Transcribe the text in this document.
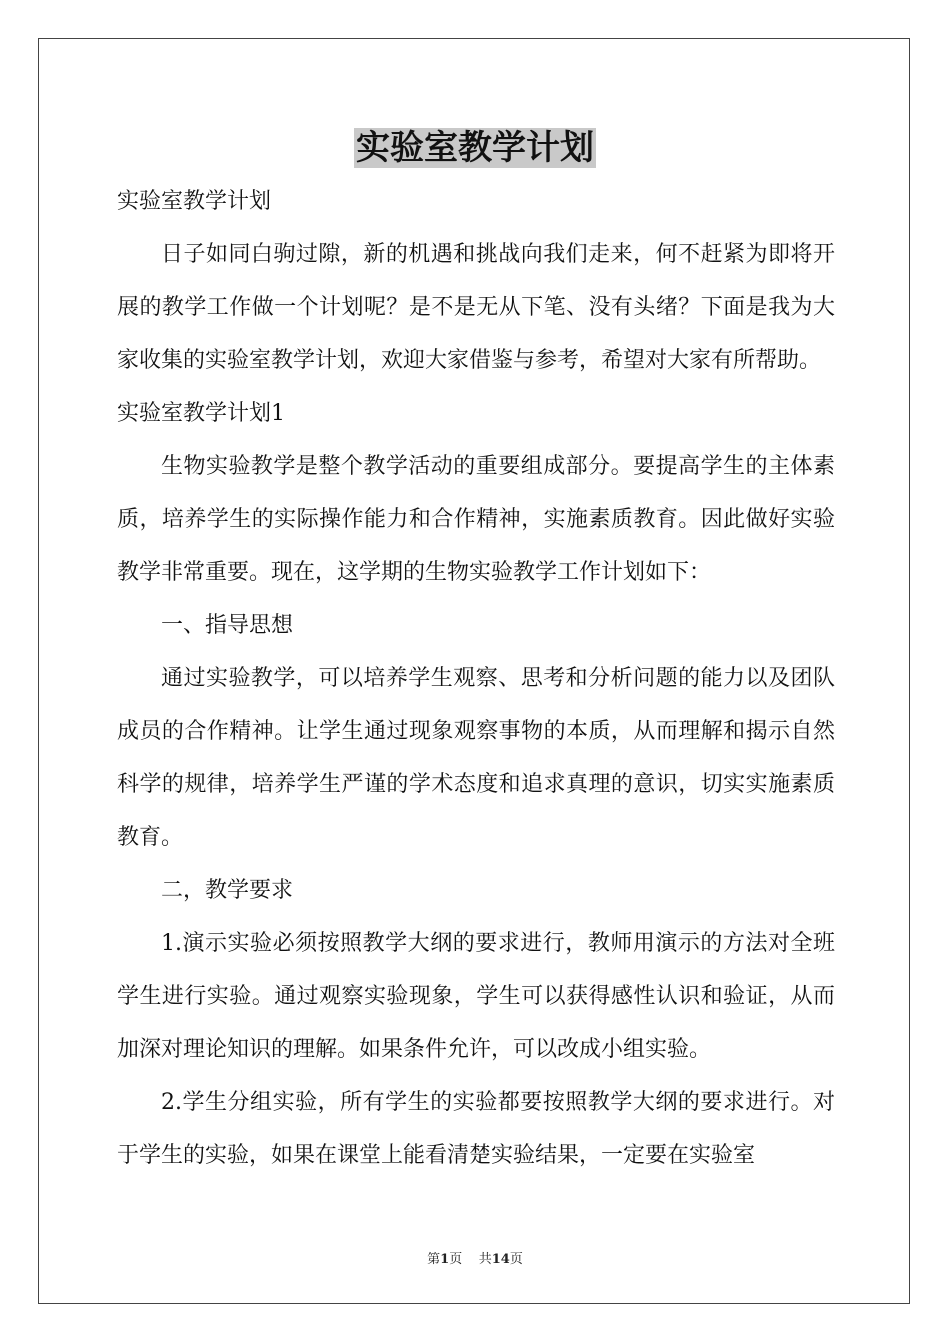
实验室教学计划

实验室教学计划

日子如同白驹过隙，新的机遇和挑战向我们走来，何不赶紧为即将开展的教学工作做一个计划呢？是不是无从下笔、没有头绪？下面是我为大家收集的实验室教学计划，欢迎大家借鉴与参考，希望对大家有所帮助。

实验室教学计划1

生物实验教学是整个教学活动的重要组成部分。要提高学生的主体素质，培养学生的实际操作能力和合作精神，实施素质教育。因此做好实验教学非常重要。现在，这学期的生物实验教学工作计划如下：

一、指导思想

通过实验教学，可以培养学生观察、思考和分析问题的能力以及团队成员的合作精神。让学生通过现象观察事物的本质，从而理解和揭示自然科学的规律，培养学生严谨的学术态度和追求真理的意识，切实实施素质教育。

二，教学要求

1.演示实验必须按照教学大纲的要求进行，教师用演示的方法对全班学生进行实验。通过观察实验现象，学生可以获得感性认识和验证，从而加深对理论知识的理解。如果条件允许，可以改成小组实验。

2.学生分组实验，所有学生的实验都要按照教学大纲的要求进行。对于学生的实验，如果在课堂上能看清楚实验结果，一定要在实验室

第1页 共14页
